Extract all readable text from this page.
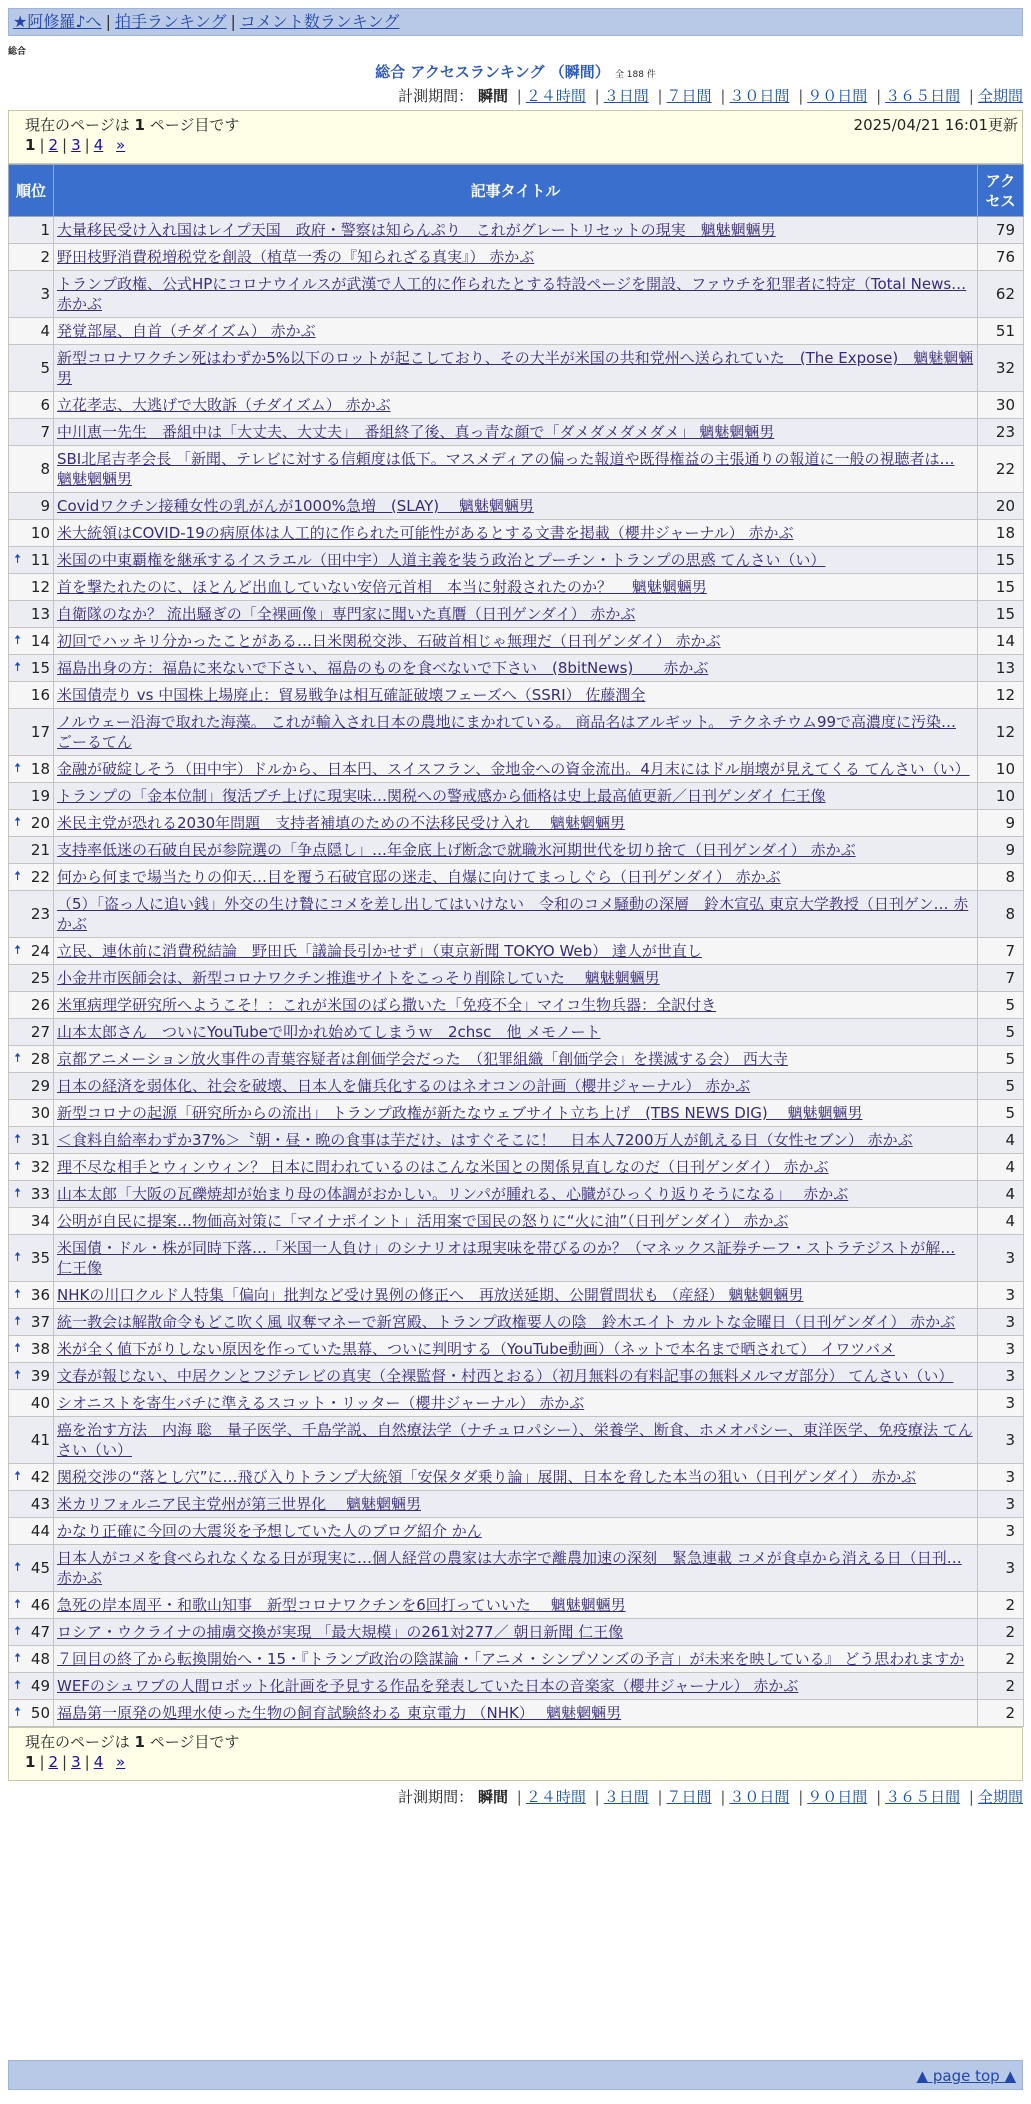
★阿修羅♪へ | 拍手ランキング | コメント数ランキング
総合
総合 アクセスランキング （瞬間） 全 188 件
計測期間： 瞬間 | ２４時間 | ３日間 | ７日間 | ３０日間 | ９０日間 | ３６５日間 | 全期間
現在のページは 1 ページ目です	2025/04/21 16:01更新
1 | 2 | 3 | 4 »
順位	記事タイトル	アクセス
1	大量移民受け入れ国はレイプ天国　政府・警察は知らんぷり　これがグレートリセットの現実　魑魅魍魎男	79
2	野田枝野消費税増税党を創設（植草一秀の『知られざる真実』） 赤かぶ	76
3	トランプ政権、公式HPにコロナウイルスが武漢で人工的に作られたとする特設ページを開設、ファウチを犯罪者に特定（Total News… 赤かぶ	62
4	発覚部屋、自首（チダイズム） 赤かぶ	51
5	新型コロナワクチン死はわずか5%以下のロットが起こしており、その大半が米国の共和党州へ送られていた　(The Expose)　魑魅魍魎男	32
6	立花孝志、大逃げで大敗訴（チダイズム） 赤かぶ	30
7	中川恵一先生　番組中は「大丈夫、大丈夫」　番組終了後、真っ青な顔で「ダメダメダメダメ」 魑魅魍魎男	23
8	SBI北尾吉孝会長 「新聞、テレビに対する信頼度は低下。マスメディアの偏った報道や既得権益の主張通りの報道に一般の視聴者は… 魑魅魍魎男	22
9	Covidワクチン接種女性の乳がんが1000%急増　(SLAY)　 魑魅魍魎男	20
10	米大統領はCOVID-19の病原体は人工的に作られた可能性があるとする文書を掲載（櫻井ジャーナル） 赤かぶ	18

🠅 11	米国の中東覇権を継承するイスラエル（田中宇）人道主義を装う政治とプーチン・トランプの思惑 てんさい（い）	15
12	首を撃たれたのに、ほとんど出血していない安倍元首相　本当に射殺されたのか？　 魑魅魍魎男	15
13	自衛隊のなか？ 流出騒ぎの「全裸画像」専門家に聞いた真贋（日刊ゲンダイ） 赤かぶ	15

🠅 14	初回でハッキリ分かったことがある…日米関税交渉、石破首相じゃ無理だ（日刊ゲンダイ） 赤かぶ	14

🠅 15	福島出身の方：福島に来ないで下さい、福島のものを食べないで下さい　(8bitNews)　　赤かぶ	13
16	米国債売り vs 中国株上場廃止：貿易戦争は相互確証破壊フェーズへ（SSRI） 佐藤潤全	12
17	ノルウェー沿海で取れた海藻。 これが輸入され日本の農地にまかれている。 商品名はアルギット。 テクネチウム99で高濃度に汚染… ごーるてん	12

🠅 18	金融が破綻しそう（田中宇）ドルから、日本円、スイスフラン、金地金への資金流出。4月末にはドル崩壊が見えてくる てんさい（い）	10
19	トランプの「金本位制」復活ブチ上げに現実味…関税への警戒感から価格は史上最高値更新／日刊ゲンダイ 仁王像	10

🠅 20	米民主党が恐れる2030年問題　支持者補填のための不法移民受け入れ　 魑魅魍魎男	9
21	支持率低迷の石破自民が参院選の「争点隠し」…年金底上げ断念で就職氷河期世代を切り捨て（日刊ゲンダイ） 赤かぶ	9

🠅 22	何から何まで場当たりの仰天…目を覆う石破官邸の迷走、自爆に向けてまっしぐら（日刊ゲンダイ） 赤かぶ	8
23	（5）「盗っ人に追い銭」外交の生け贄にコメを差し出してはいけない　令和のコメ騒動の深層　鈴木宣弘 東京大学教授（日刊ゲン… 赤かぶ	8

🠅 24	立民、連休前に消費税結論　野田氏「議論長引かせず」（東京新聞 TOKYO Web） 達人が世直し	7
25	小金井市医師会は、新型コロナワクチン推進サイトをこっそり削除していた　 魑魅魍魎男	7
26	米軍病理学研究所へようこそ！：これが米国のばら撒いた「免疫不全」マイコ生物兵器：全訳付き	5
27	山本太郎さん　ついにYouTubeで叩かれ始めてしまうｗ　2chsc　他 メモノート	5

🠅 28	京都アニメーション放火事件の青葉容疑者は創価学会だった　（犯罪組織「創価学会」を撲滅する会） 西大寺	5
29	日本の経済を弱体化、社会を破壊、日本人を傭兵化するのはネオコンの計画（櫻井ジャーナル） 赤かぶ	5
30	新型コロナの起源「研究所からの流出」 トランプ政権が新たなウェブサイト立ち上げ　(TBS NEWS DIG)　 魑魅魍魎男	5

🠅 31	＜食料自給率わずか37%＞〝朝・昼・晩の食事は芋だけ〟はすぐそこに！　日本人7200万人が飢える日（女性セブン） 赤かぶ	4

🠅 32	理不尽な相手とウィンウィン？ 日本に問われているのはこんな米国との関係見直しなのだ（日刊ゲンダイ） 赤かぶ	4

🠅 33	山本太郎「大阪の瓦礫焼却が始まり母の体調がおかしい。リンパが腫れる、心臓がひっくり返りそうになる」　 赤かぶ	4
34	公明が自民に提案…物価高対策に「マイナポイント」活用案で国民の怒りに“火に油”（日刊ゲンダイ） 赤かぶ	4

🠅 35	米国債・ドル・株が同時下落…「米国一人負け」のシナリオは現実味を帯びるのか？（マネックス証券チーフ・ストラテジストが解… 仁王像	3

🠅 36	NHKの川口クルド人特集「偏向」批判など受け異例の修正へ　再放送延期、公開質問状も （産経） 魑魅魍魎男	3

🠅 37	統一教会は解散命令もどこ吹く風 収奪マネーで新宮殿、トランプ政権要人の陰　鈴木エイト カルトな金曜日（日刊ゲンダイ） 赤かぶ	3

🠅 38	米が全く値下がりしない原因を作っていた黒幕、ついに判明する（YouTube動画）（ネットで本名まで晒されて） イワツバメ	3

🠅 39	文春が報じない、中居クンとフジテレビの真実（全裸監督・村西とおる）（初月無料の有料記事の無料メルマガ部分） てんさい（い）	3
40	シオニストを寄生バチに準えるスコット・リッター（櫻井ジャーナル） 赤かぶ	3
41	癌を治す方法　内海 聡　量子医学、千島学説、自然療法学（ナチュロパシー）、栄養学、断食、ホメオパシー、東洋医学、免疫療法 てんさい（い）	3

🠅 42	関税交渉の“落とし穴”に…飛び入りトランプ大統領「安保タダ乗り論」展開、日本を脅した本当の狙い（日刊ゲンダイ） 赤かぶ	3
43	米カリフォルニア民主党州が第三世界化　 魑魅魍魎男	3
44	かなり正確に今回の大震災を予想していた人のブログ紹介 かん	3

🠅 45	日本人がコメを食べられなくなる日が現実に…個人経営の農家は大赤字で離農加速の深刻　緊急連載 コメが食卓から消える日（日刊… 赤かぶ	3

🠅 46	急死の岸本周平・和歌山知事　新型コロナワクチンを6回打っていいた　 魑魅魍魎男	2

🠅 47	ロシア・ウクライナの捕虜交換が実現 「最大規模」の261対277／ 朝日新聞 仁王像	2

🠅 48	７回目の終了から転換開始へ・15・『トランプ政治の陰謀論・「アニメ・シンプソンズの予言」が未来を映している』 どう思われますか	2

🠅 49	WEFのシュワブの人間ロボット化計画を予見する作品を発表していた日本の音楽家（櫻井ジャーナル） 赤かぶ	2

🠅 50	福島第一原発の処理水使った生物の飼育試験終わる 東京電力 （NHK）　 魑魅魍魎男	2
現在のページは 1 ページ目です
1 | 2 | 3 | 4 »
計測期間： 瞬間 | ２４時間 | ３日間 | ７日間 | ３０日間 | ９０日間 | ３６５日間 | 全期間
▲ page top ▲
